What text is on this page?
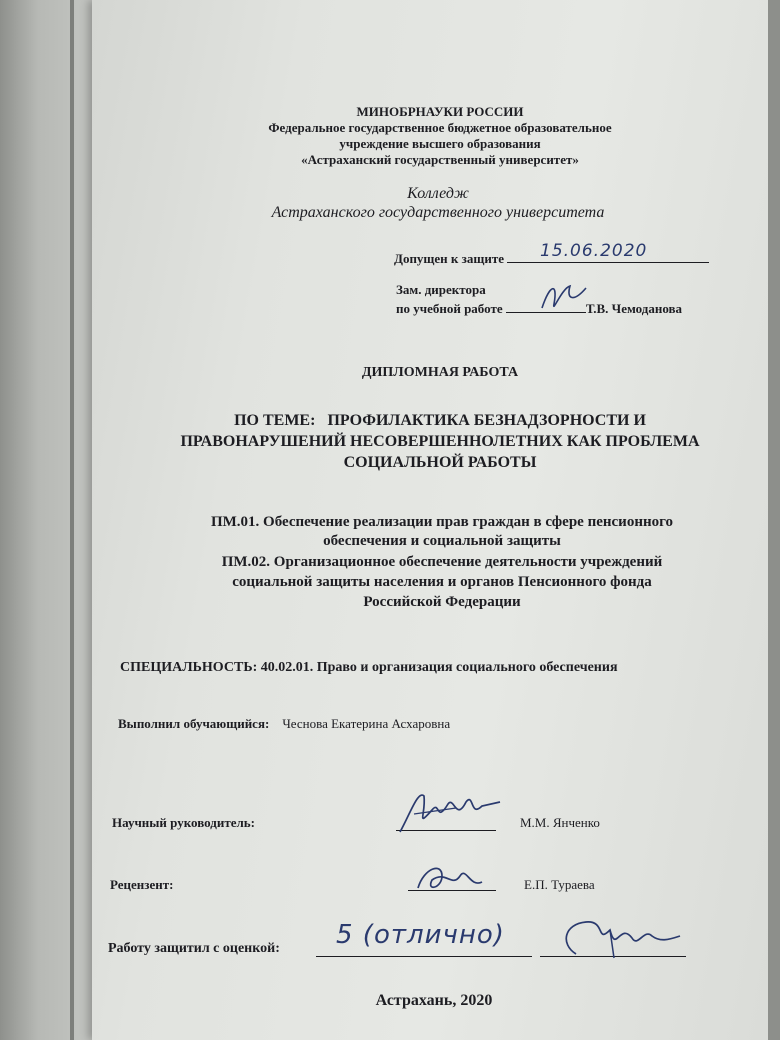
МИНОБРНАУКИ РОССИИ
Федеральное государственное бюджетное образовательное
учреждение высшего образования
«Астраханский государственный университет»
Колледж
Астраханского государственного университета
Допущен к защите	15.06.2020
Зам. директора
по учебной работе	Т.В. Чемоданова
ДИПЛОМНАЯ РАБОТА
ПО ТЕМЕ: ПРОФИЛАКТИКА БЕЗНАДЗОРНОСТИ И
ПРАВОНАРУШЕНИЙ НЕСОВЕРШЕННОЛЕТНИХ КАК ПРОБЛЕМА
СОЦИАЛЬНОЙ РАБОТЫ
ПМ.01. Обеспечение реализации прав граждан в сфере пенсионного
обеспечения и социальной защиты
ПМ.02. Организационное обеспечение деятельности учреждений
социальной защиты населения и органов Пенсионного фонда
Российской Федерации
СПЕЦИАЛЬНОСТЬ: 40.02.01. Право и организация социального обеспечения
Выполнил обучающийся: Чеснова Екатерина Асхаровна
Научный руководитель:	М.М. Янченко
Рецензент:	Е.П. Тураева
Работу защитил с оценкой: 5 (отлично)
Астрахань, 2020
